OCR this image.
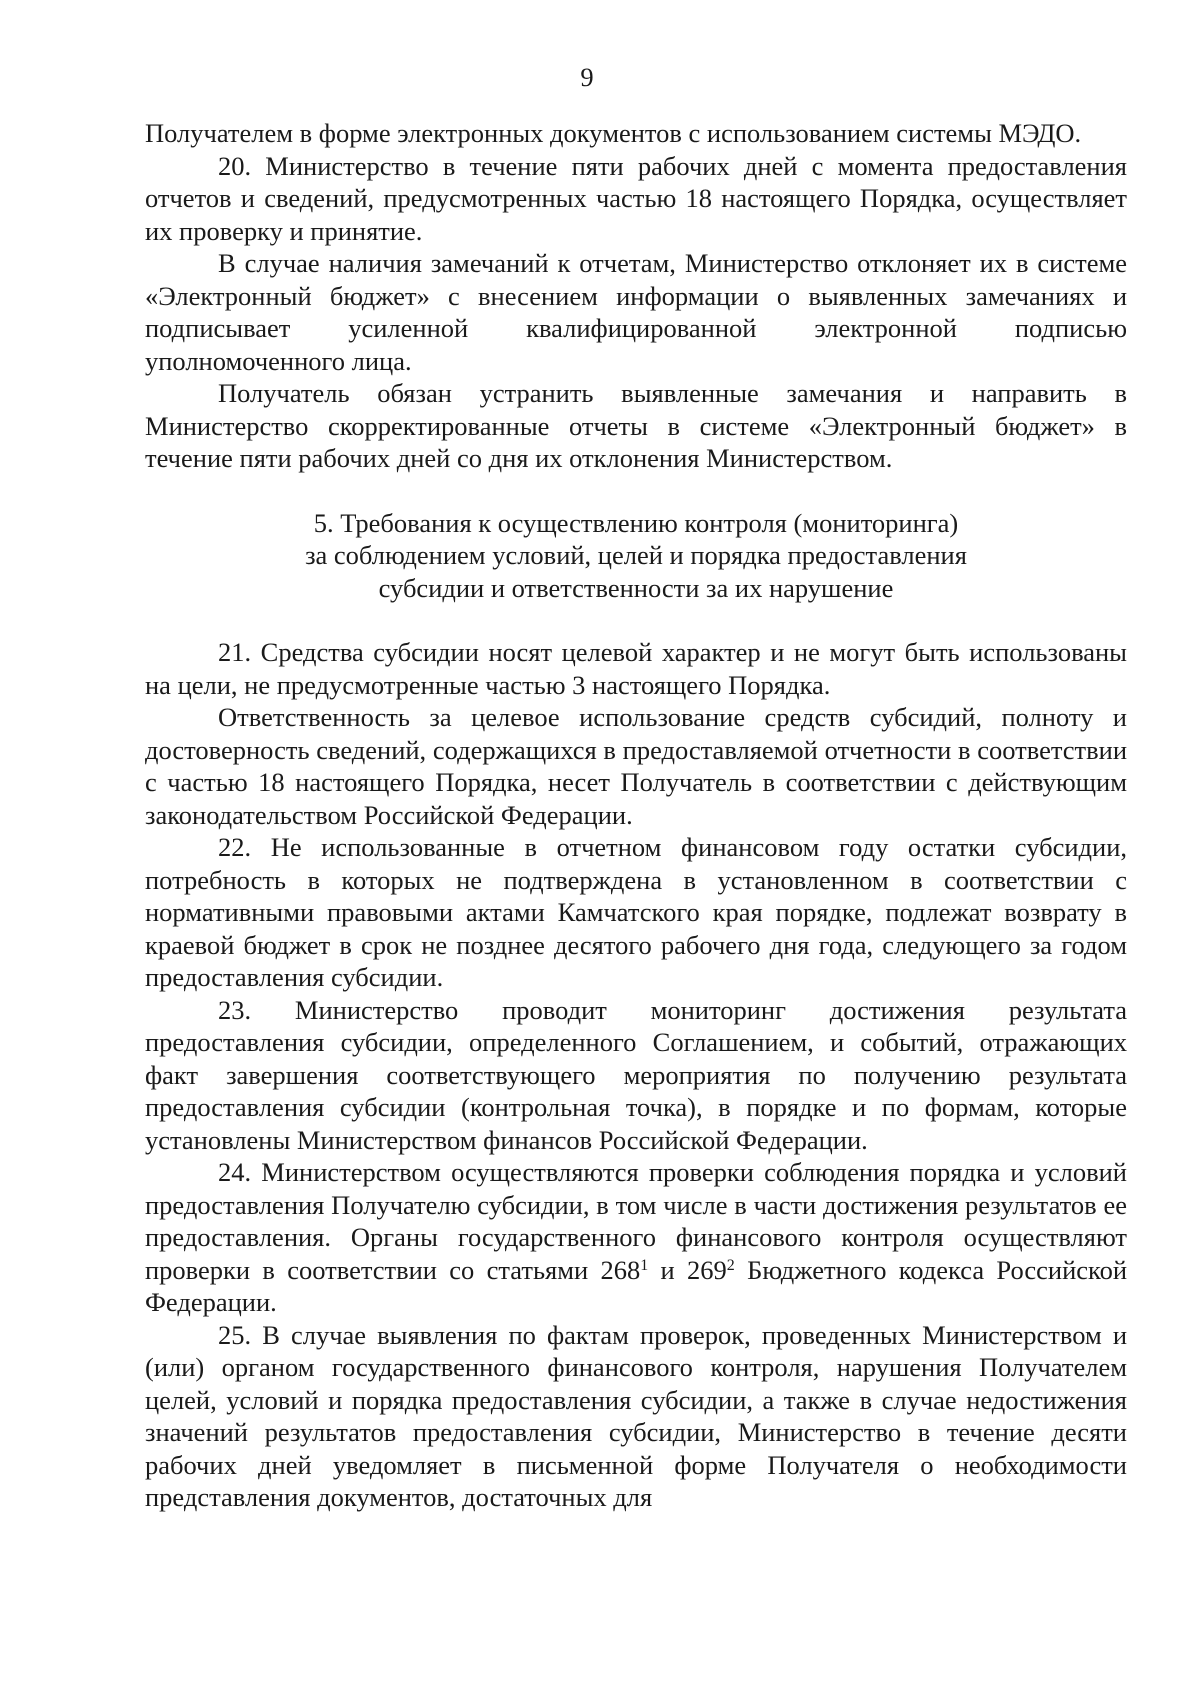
9

Получателем в форме электронных документов с использованием системы МЭДО.

20. Министерство в течение пяти рабочих дней с момента предоставления отчетов и сведений, предусмотренных частью 18 настоящего Порядка, осуществляет их проверку и принятие.

В случае наличия замечаний к отчетам, Министерство отклоняет их в системе «Электронный бюджет» с внесением информации о выявленных замечаниях и подписывает усиленной квалифицированной электронной подписью уполномоченного лица.

Получатель обязан устранить выявленные замечания и направить в Министерство скорректированные отчеты в системе «Электронный бюджет» в течение пяти рабочих дней со дня их отклонения Министерством.

5. Требования к осуществлению контроля (мониторинга)
за соблюдением условий, целей и порядка предоставления
субсидии и ответственности за их нарушение

21. Средства субсидии носят целевой характер и не могут быть использованы на цели, не предусмотренные частью 3 настоящего Порядка.

Ответственность за целевое использование средств субсидий, полноту и достоверность сведений, содержащихся в предоставляемой отчетности в соответствии с частью 18 настоящего Порядка, несет Получатель в соответствии с действующим законодательством Российской Федерации.

22. Не использованные в отчетном финансовом году остатки субсидии, потребность в которых не подтверждена в установленном в соответствии с нормативными правовыми актами Камчатского края порядке, подлежат возврату в краевой бюджет в срок не позднее десятого рабочего дня года, следующего за годом предоставления субсидии.

23. Министерство проводит мониторинг достижения результата предоставления субсидии, определенного Соглашением, и событий, отражающих факт завершения соответствующего мероприятия по получению результата предоставления субсидии (контрольная точка), в порядке и по формам, которые установлены Министерством финансов Российской Федерации.

24. Министерством осуществляются проверки соблюдения порядка и условий предоставления Получателю субсидии, в том числе в части достижения результатов ее предоставления. Органы государственного финансового контроля осуществляют проверки в соответствии со статьями $268^1$ и $269^2$ Бюджетного кодекса Российской Федерации.

25. В случае выявления по фактам проверок, проведенных Министерством и (или) органом государственного финансового контроля, нарушения Получателем целей, условий и порядка предоставления субсидии, а также в случае недостижения значений результатов предоставления субсидии, Министерство в течение десяти рабочих дней уведомляет в письменной форме Получателя о необходимости представления документов, достаточных для
